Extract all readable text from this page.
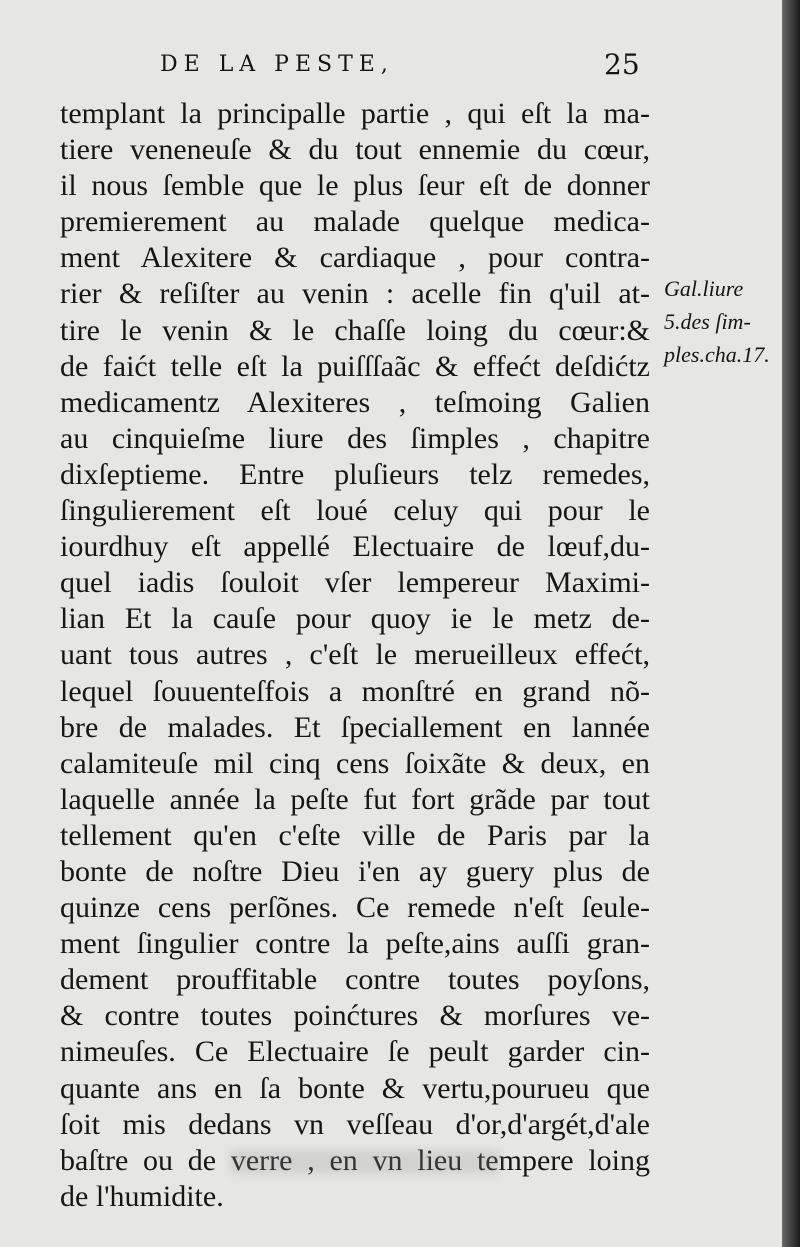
DE LA PESTE,	25
templant la principalle partie , qui eſt la ma-
tiere veneneuſe & du tout ennemie du cœur,
il nous ſemble que le plus ſeur eſt de donner
premierement au malade quelque medica-
ment Alexitere & cardiaque , pour contra-
rier & reſiſter au venin : acelle fin q'uil at-
tire le venin & le chaſſe loing du cœur:&
de faićt telle eſt la puiſſſaãc & effećt deſdićtz
medicamentz Alexiteres , teſmoing Galien
au cinquieſme liure des ſimples , chapitre
dixſeptieme. Entre pluſieurs telz remedes,
ſingulierement eſt loué celuy qui pour le
iourdhuy eſt appellé Electuaire de lœuf,du-
quel iadis ſouloit vſer lempereur Maximi-
lian Et la cauſe pour quoy ie le metz de-
uant tous autres , c'eſt le merueilleux effećt,
lequel ſouuenteſfois a monſtré en grand nõ-
bre de malades. Et ſpeciallement en lannée
calamiteuſe mil cinq cens ſoixãte & deux, en
laquelle année la peſte fut fort grãde par tout
tellement qu'en c'eſte ville de Paris par la
bonte de noſtre Dieu i'en ay guery plus de
quinze cens perſõnes. Ce remede n'eſt ſeule-
ment ſingulier contre la peſte,ains auſſi gran-
dement prouffitable contre toutes poyſons,
& contre toutes poinćtures & morſures ve-
nimeuſes. Ce Electuaire ſe peult garder cin-
quante ans en ſa bonte & vertu,pourueu que
ſoit mis dedans vn veſſeau d'or,d'argét,d'ale
baſtre ou de verre , en vn lieu tempere loing
de l'humidite.
Gal.liure
5.des ſim-
ples.cha.17.
